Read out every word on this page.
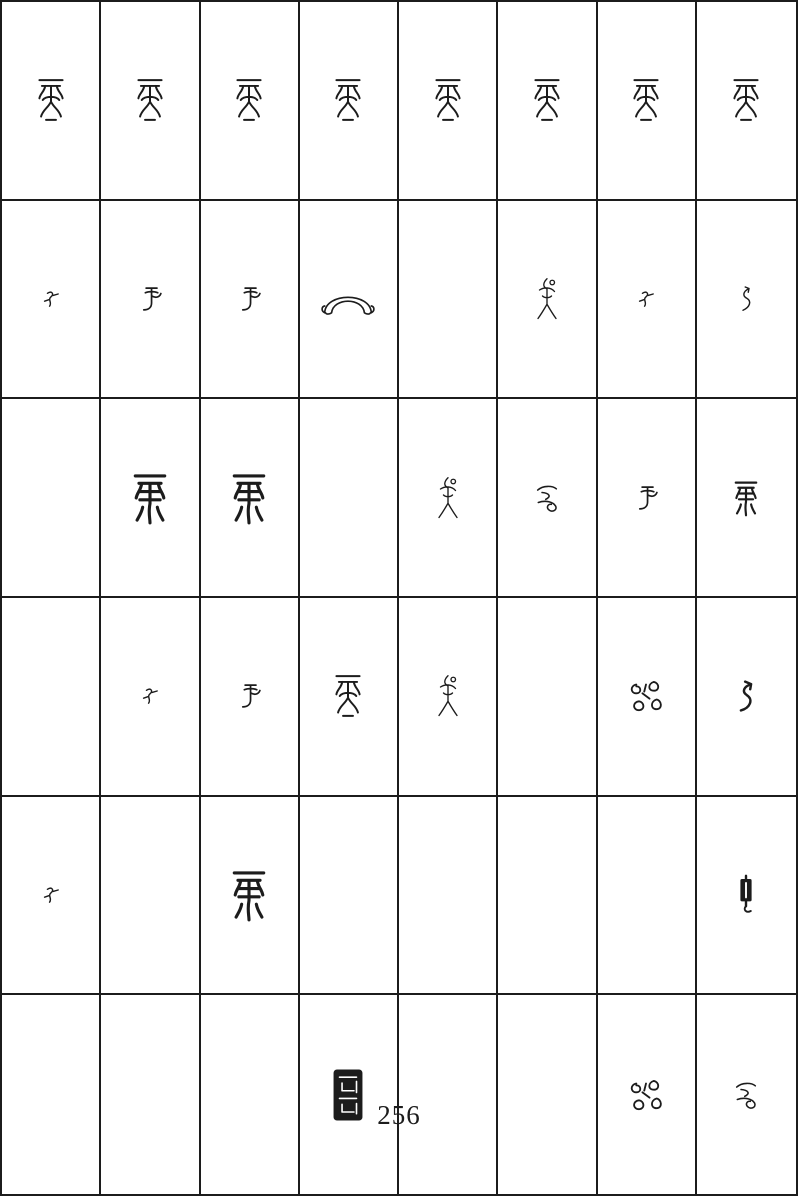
256
